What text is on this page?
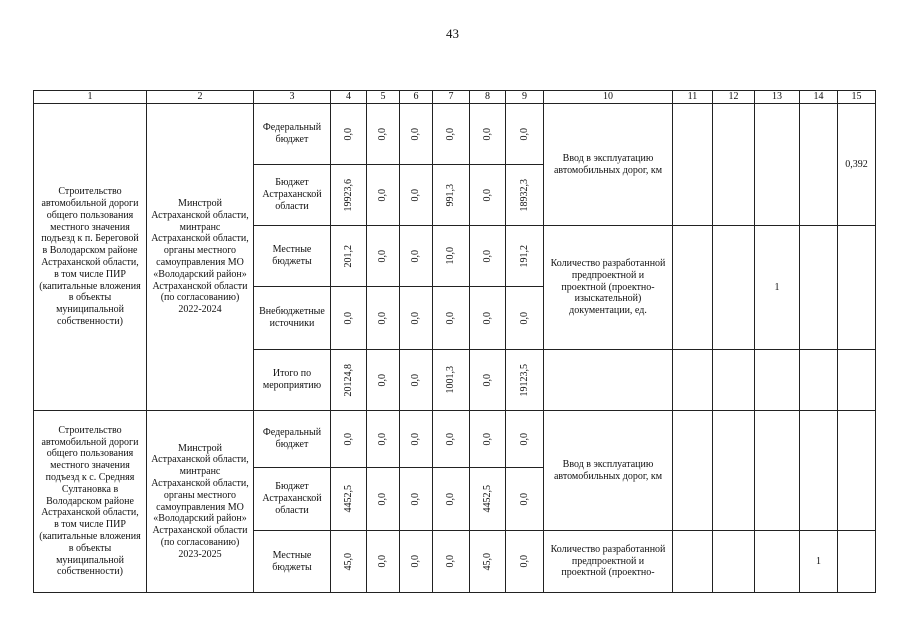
43
1	2	3	4	5	6	7	8	9	10	11	12	13	14	15
Строительство автомобильной дороги общего пользования местного значения подъезд к п. Береговой в Володарском районе Астраханской области, в том числе ПИР (капитальные вложения в объекты муниципальной собственности)	Минстрой Астраханской области, минтранс Астраханской области, органы местного самоуправления МО «Володарский район» Астраханской области (по согласованию) 2022-2024	Федеральный бюджет	0,0	0,0	0,0	0,0	0,0	0,0	Ввод в эксплуатацию автомобильных дорог, км					0,392
		Бюджет Астраханской области	19923,6	0,0	0,0	991,3	0,0	18932,3						

		Местные бюджеты	201,2	0,0	0,0	10,0	0,0	191,2	Количество разработанной предпроектной и проектной (проектно-изыскательной) документации, ед.			1		
		Внебюджетные источники	0,0	0,0	0,0	0,0	0,0	0,0						

		Итого по мероприятию	20124,8	0,0	0,0	1001,3	0,0	19123,5						

Строительство автомобильной дороги общего пользования местного значения подъезд к с. Средняя Султановка в Володарском районе Астраханской области, в том числе ПИР (капитальные вложения в объекты муниципальной собственности)	Минстрой Астраханской области, минтранс Астраханской области, органы местного самоуправления МО «Володарский район» Астраханской области (по согласованию) 2023-2025	Федеральный бюджет	0,0	0,0	0,0	0,0	0,0	0,0	Ввод в эксплуатацию автомобильных дорог, км					
		Бюджет Астраханской области	4452,5	0,0	0,0	0,0	4452,5	0,0						

		Местные бюджеты	45,0	0,0	0,0	0,0	45,0	0,0	Количество разработанной предпроектной и проектной (проектно-				1	
